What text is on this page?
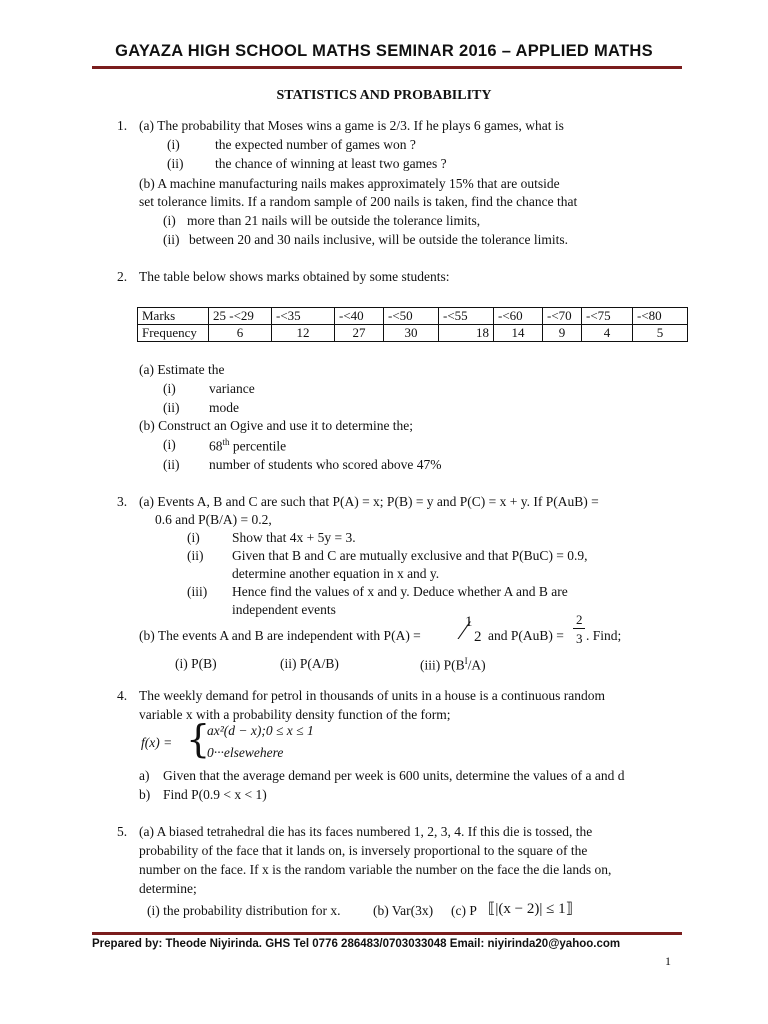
GAYAZA HIGH SCHOOL MATHS SEMINAR 2016 – APPLIED MATHS
STATISTICS AND PROBABILITY
1. (a) The probability that Moses wins a game is 2/3. If he plays 6 games, what is
(i)	the expected number of games won ?
(ii) the chance of winning at least two games ?
(b) A machine manufacturing nails makes approximately 15% that are outside
set tolerance limits. If a random sample of 200 nails is taken, find the chance that
(i) more than 21 nails will be outside the tolerance limits,
(ii) between 20 and 30 nails inclusive, will be outside the tolerance limits.
2. The table below shows marks obtained by some students:
Marks	25 -<29	-<35	-<40	-<50	-<55	-<60	-<70	-<75	-<80
Frequency	6	12	27	30	18	14	9	4	5
(a) Estimate the
(i) variance
(ii) mode
(b) Construct an Ogive and use it to determine the;
(i) 68th percentile
(ii) number of students who scored above 47%
3. (a) Events A, B and C are such that P(A) = x; P(B) = y and P(C) = x + y. If P(AuB) =
0.6 and P(B/A) = 0.2,
(i) Show that 4x + 5y = 3.
(ii) Given that B and C are mutually exclusive and that P(BuC) = 0.9,
determine another equation in x and y.
(iii) Hence find the values of x and y. Deduce whether A and B are
independent events
(b) The events A and B are independent with P(A) =
1
⁄ 2 and P(AuB) =
2
3 . Find;
(i) P(B)	(ii) P(A/B)	(iii) $P(B^I/A)$
4. The weekly demand for petrol in thousands of units in a house is a continuous random
variable x with a probability density function of the form;
f(x) = {
ax²(d − x);0 ≤ x ≤ 1
0···elsewehere
a) Given that the average demand per week is 600 units, determine the values of a and d
b) Find P(0.9 < x < 1)
5. (a) A biased tetrahedral die has its faces numbered 1, 2, 3, 4. If this die is tossed, the
probability of the face that it lands on, is inversely proportional to the square of the
number on the face. If x is the random variable the number on the face the die lands on,
determine;
(i) the probability distribution for x. (b) Var(3x) (c) P ⟦|(x − 2)| ≤ 1⟧
Prepared by: Theode Niyirinda. GHS Tel 0776 286483/0703033048 Email: niyirinda20@yahoo.com
1
